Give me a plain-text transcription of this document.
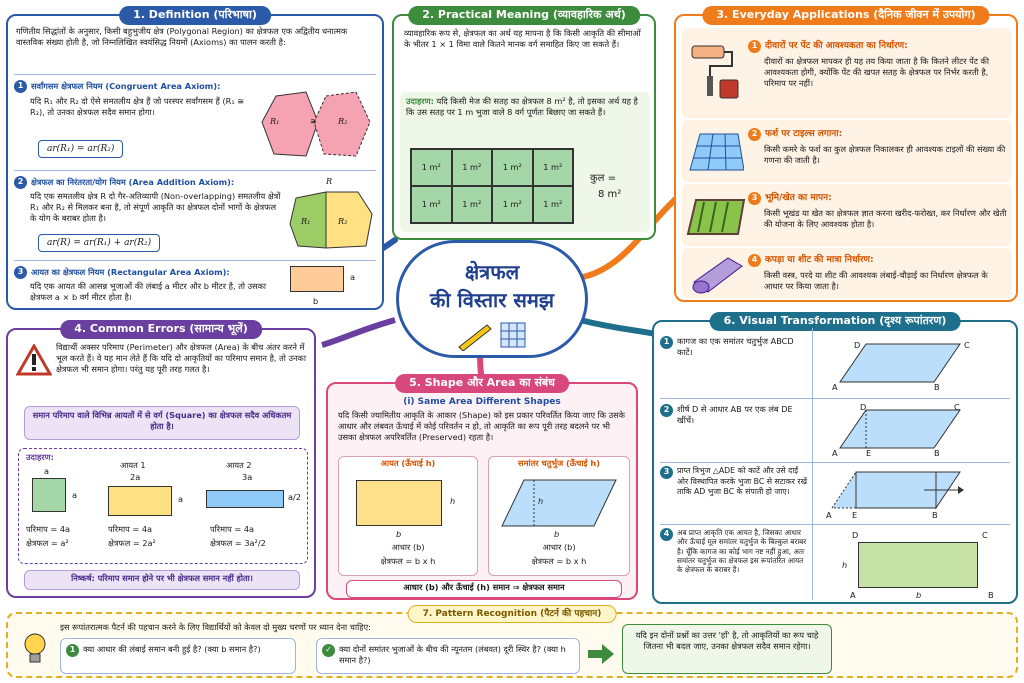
1. Definition (परिभाषा)
गणितीय सिद्धांतों के अनुसार, किसी बहुभुजीय क्षेत्र (Polygonal Region) का क्षेत्रफल एक अद्वितीय धनात्मक वास्तविक संख्या होती है, जो निम्नलिखित स्वयंसिद्ध नियमों (Axioms) का पालन करती है:
1 सर्वांगसम क्षेत्रफल नियम (Congruent Area Axiom):
यदि R₁ और R₂ दो ऐसे समतलीय क्षेत्र हैं जो परस्पर सर्वांगसम हैं (R₁ ≅ R₂), तो उनका क्षेत्रफल सदैव समान होगा।
ar(R₁) = ar(R₂)
R₁	≅	R₂
2 क्षेत्रफल का निरंतरता/योग नियम (Area Addition Axiom):
यदि एक समतलीय क्षेत्र R दो गैर-अतिव्यापी (Non-overlapping) समतलीय क्षेत्रों R₁ और R₂ से मिलकर बना है, तो संपूर्ण आकृति का क्षेत्रफल दोनों भागों के क्षेत्रफल के योग के बराबर होता है।
ar(R) = ar(R₁) + ar(R₂)
R
R₁	R₂
3 आयत का क्षेत्रफल नियम (Rectangular Area Axiom):
यदि एक आयत की आसन्न भुजाओं की लंबाई a मीटर और b मीटर है, तो उसका क्षेत्रफल a × b वर्ग मीटर होता है।
a
b
2. Practical Meaning (व्यावहारिक अर्थ)
व्यावहारिक रूप से, क्षेत्रफल का अर्थ यह मापना है कि किसी आकृति की सीमाओं के भीतर 1 × 1 विमा वाले कितने मानक वर्ग समाहित किए जा सकते हैं।
उदाहरण: यदि किसी मेज की सतह का क्षेत्रफल 8 m² है, तो इसका अर्थ यह है कि उस सतह पर 1 m भुजा वाले 8 वर्ग पूर्णतः बिछाए जा सकते हैं।
1 m²	1 m²	1 m²	1 m²
1 m²	1 m²	1 m²	1 m²
कुल =
8 m²
3. Everyday Applications (दैनिक जीवन में उपयोग)
1 दीवारों पर पेंट की आवश्यकता का निर्धारण:
दीवारों का क्षेत्रफल मापकर ही यह तय किया जाता है कि कितने लीटर पेंट की आवश्यकता होगी, क्योंकि पेंट की खपत सतह के क्षेत्रफल पर निर्भर करती है, परिमाप पर नहीं।
2 फर्श पर टाइल्स लगाना:
किसी कमरे के फर्श का कुल क्षेत्रफल निकालकर ही आवश्यक टाइलों की संख्या की गणना की जाती है।
3 भूमि/खेत का मापन:
किसी भूखंड या खेत का क्षेत्रफल ज्ञात करना खरीद-फरोख्त, कर निर्धारण और खेती की योजना के लिए आवश्यक होता है।
4 कपड़ा या शीट की मात्रा निर्धारण:
किसी वस्त्र, परदे या शीट की आवश्यक लंबाई-चौड़ाई का निर्धारण क्षेत्रफल के आधार पर किया जाता है।
क्षेत्रफल
की विस्तार समझ
4. Common Errors (सामान्य भूलें)
विद्यार्थी अक्सर परिमाप (Perimeter) और क्षेत्रफल (Area) के बीच अंतर करने में भूल करते हैं। वे यह मान लेते हैं कि यदि दो आकृतियों का परिमाप समान है, तो उनका क्षेत्रफल भी समान होगा। परंतु यह पूरी तरह गलत है।
समान परिमाप वाले विभिन्न आयतों में से वर्ग (Square) का क्षेत्रफल सदैव अधिकतम होता है।
उदाहरण:
a
a
परिमाप = 4a
क्षेत्रफल = a²
आयत 1
2a
a
परिमाप = 4a
क्षेत्रफल = 2a²
आयत 2
3a
a/2
परिमाप = 4a
क्षेत्रफल = 3a²/2
निष्कर्ष: परिमाप समान होने पर भी क्षेत्रफल समान नहीं होता।
5. Shape और Area का संबंध
(i) Same Area Different Shapes
यदि किसी ज्यामितीय आकृति के आकार (Shape) को इस प्रकार परिवर्तित किया जाए कि उसके आधार और लंबवत ऊँचाई में कोई परिवर्तन न हो, तो आकृति का रूप पूरी तरह बदलने पर भी उसका क्षेत्रफल अपरिवर्तित (Preserved) रहता है।
आयत (ऊँचाई h)
h
b
आधार (b)
क्षेत्रफल = b x h
समांतर चतुर्भुज (ऊँचाई h)
h
b
आधार (b)
क्षेत्रफल = b x h
आधार (b) और ऊँचाई (h) समान ⇒ क्षेत्रफल समान
6. Visual Transformation (दृश्य रूपांतरण)
1 कागज का एक समांतर चतुर्भुज ABCD काटें।
D	C
A	B
2 शीर्ष D से आधार AB पर एक लंब DE खींचें।
D	C
A	E	B
3 प्राप्त त्रिभुज △ADE को काटें और उसे दाईं ओर विस्थापित करके भुजा BC से सटाकर रखें ताकि AD भुजा BC के संपाती हो जाए।
A E	B
4	अब प्राप्त आकृति एक आयत है, जिसका आधार और ऊँचाई मूल समांतर चतुर्भुज के बिल्कुल बराबर है। चूँकि कागज का कोई भाग नष्ट नहीं हुआ, अतः समांतर चतुर्भुज का क्षेत्रफल इस रूपांतरित आयत के क्षेत्रफल के बराबर है।
D	C
h
A	b	B
7. Pattern Recognition (पैटर्न की पहचान)
इस रूपांतरात्मक पैटर्न की पहचान करने के लिए विद्यार्थियों को केवल दो मुख्य चरणों पर ध्यान देना चाहिए:
1 क्या आधार की लंबाई समान बनी हुई है? (क्या b समान है?)	✓ क्या दोनों समांतर भुजाओं के बीच की न्यूनतम (लंबवत) दूरी स्थिर है? (क्या h समान है?)
यदि इन दोनों प्रश्नों का उत्तर 'हाँ' है, तो आकृतियों का रूप चाहे जितना भी बदल जाए, उनका क्षेत्रफल सदैव समान रहेगा।
